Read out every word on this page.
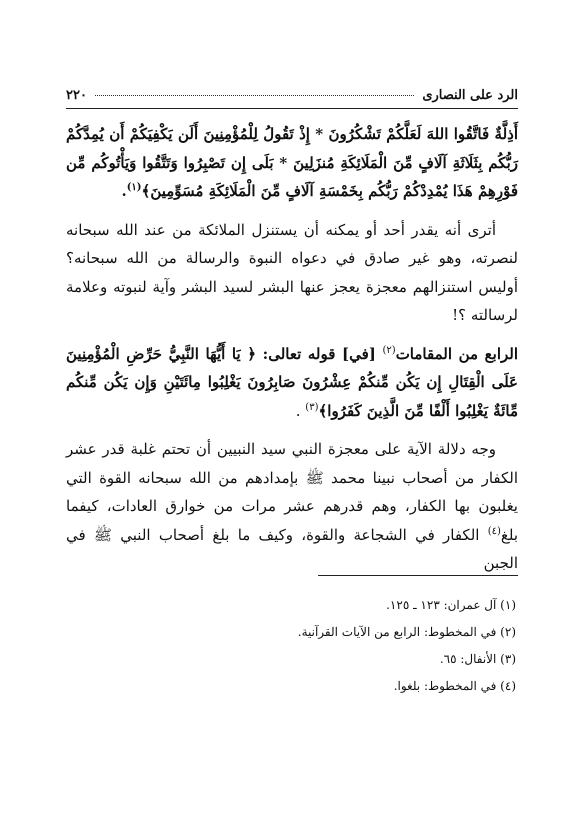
الرد على النصارى
٢٢٠

أَذِلَّةٌ فَاتَّقُوا اللهَ لَعَلَّكُمْ تَشْكُرُونَ * إِذْ تَقُولُ لِلْمُؤْمِنِينَ أَلَن يَكْفِيَكُمْ أَن يُمِدَّكُمْ رَبُّكُم بِثَلَاثَةِ آلَافٍ مِّنَ الْمَلَائِكَةِ مُنزَلِينَ * بَلَى إِن تَصْبِرُوا وَتَتَّقُوا وَيَأْتُوكُم مِّن فَوْرِهِمْ هَذَا يُمْدِدْكُمْ رَبُّكُم بِخَمْسَةِ آلَافٍ مِّنَ الْمَلَائِكَةِ مُسَوِّمِينَ﴾$^{(١)}$.

أترى أنه يقدر أحد أو يمكنه أن يستنزل الملائكة من عند الله سبحانه لنصرته، وهو غير صادق في دعواه النبوة والرسالة من الله سبحانه؟ أوليس استنزالهم معجزة يعجز عنها البشر لسيد البشر وآية لنبوته وعلامة لرسالته ؟!

الرابع من المقامات$^{(٢)}$ [في] قوله تعالى: ﴿ يَا أَيُّهَا النَّبِيُّ حَرِّضِ الْمُؤْمِنِينَ عَلَى الْقِتَالِ إِن يَكُن مِّنكُمْ عِشْرُونَ صَابِرُونَ يَغْلِبُوا مِائَتَيْنِ وَإِن يَكُن مِّنكُم مِّائَةٌ يَغْلِبُوا أَلْفًا مِّنَ الَّذِينَ كَفَرُوا﴾$^{(٣)}$ .

وجه دلالة الآية على معجزة النبي سيد النبيين أن تحتم غلبة قدر عشر الكفار من أصحاب نبينا محمد ﷺ بإمدادهم من الله سبحانه القوة التي يغلبون بها الكفار، وهم قدرهم عشر مرات من خوارق العادات، كيفما بلغ$^{(٤)}$ الكفار في الشجاعة والقوة، وكيف ما بلغ أصحاب النبي ﷺ في الجبن

(١) آل عمران: ١٢٣ ـ ١٢٥.
(٢) في المخطوط: الرابع من الآيات القرآنية.
(٣) الأنفال: ٦٥.
(٤) في المخطوط: بلغوا.
